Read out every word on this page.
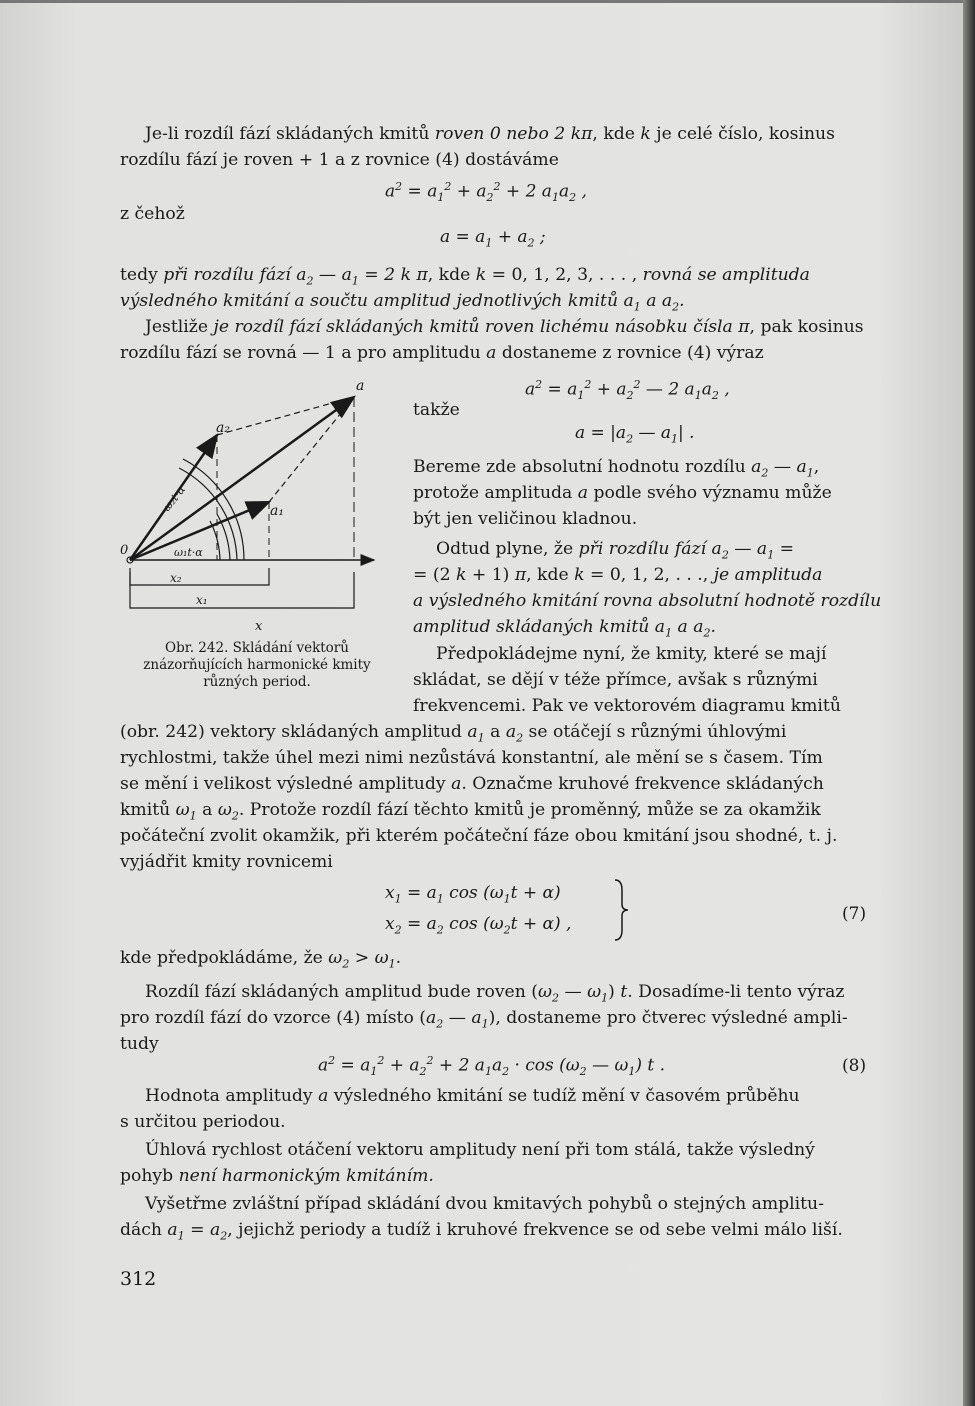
Je-li rozdíl fází skládaných kmitů roven 0 nebo 2 kπ, kde k je celé číslo, kosinus
rozdílu fází je roven + 1 a z rovnice (4) dostáváme
$a^2 = a_1^2 + a_2^2 + 2$ $a_1a_2$ ,
z čehož
$a = a_1 + a_2$ ;
tedy při rozdílu fází $a_2$ — $a_1 = 2$ k π, kde k = 0, 1, 2, 3, . . . , rovná se amplituda
výsledného kmitání a součtu amplitud jednotlivých kmitů $a_1$ a $a_2$.
Jestliže je rozdíl fází skládaných kmitů roven lichému násobku čísla π, pak kosinus
rozdílu fází se rovná — 1 a pro amplitudu a dostaneme z rovnice (4) výraz
$a^2 = a_1^2 + a_2^2$ — 2 $a_1a_2$ ,
takže
$a = |a_2$ — $a_1|$ .
Bereme zde absolutní hodnotu rozdílu $a_2$ — $a_1$,
protože amplituda a podle svého významu může
být jen veličinou kladnou.
Odtud plyne, že při rozdílu fází $a_2$ — $a_1$ =
= (2 k + 1) π, kde k = 0, 1, 2, . . ., je amplituda
a výsledného kmitání rovna absolutní hodnotě rozdílu
amplitud skládaných kmitů $a_1$ a $a_2$.
Předpokládejme nyní, že kmity, které se mají
skládat, se dějí v téže přímce, avšak s různými
frekvencemi. Pak ve vektorovém diagramu kmitů
a
a₂
a₁
0
ω₂t·α
ω₁t·α
x₂
x₁
x
Obr. 242. Skládání vektorů znázorňujících harmonické kmity různých period.
(obr. 242) vektory skládaných amplitud $a_1$ a $a_2$ se otáčejí s různými úhlovými
rychlostmi, takže úhel mezi nimi nezůstává konstantní, ale mění se s časem. Tím
se mění i velikost výsledné amplitudy a. Označme kruhové frekvence skládaných
kmitů $\omega_1$ a $\omega_2$. Protože rozdíl fází těchto kmitů je proměnný, může se za okamžik
počáteční zvolit okamžik, při kterém počáteční fáze obou kmitání jsou shodné, t. j.
vyjádřit kmity rovnicemi
$x_1 = a_1$ $\cos (\omega_1t + \alpha)$
$x_2 = a_2$ $\cos (\omega_2t + \alpha)$ ,	(7)
kde předpokládáme, že $\omega_2 > \omega_1$.
Rozdíl fází skládaných amplitud bude roven ($\omega_2$ — $\omega_1$) t. Dosadíme-li tento výraz
pro rozdíl fází do vzorce (4) místo ($a_2$ — $a_1$), dostaneme pro čtverec výsledné ampli-
tudy
$a^2 = a_1^2 + a_2^2 + 2$ $a_1a_2 \cdot \cos (\omega_2$ — $\omega_1$) t .	(8)
Hodnota amplitudy a výsledného kmitání se tudíž mění v časovém průběhu
s určitou periodou.
Úhlová rychlost otáčení vektoru amplitudy není při tom stálá, takže výsledný
pohyb není harmonickým kmitáním.
Vyšetřme zvláštní případ skládání dvou kmitavých pohybů o stejných amplitu-
dách $a_1 = a_2$, jejichž periody a tudíž i kruhové frekvence se od sebe velmi málo liší.
312
